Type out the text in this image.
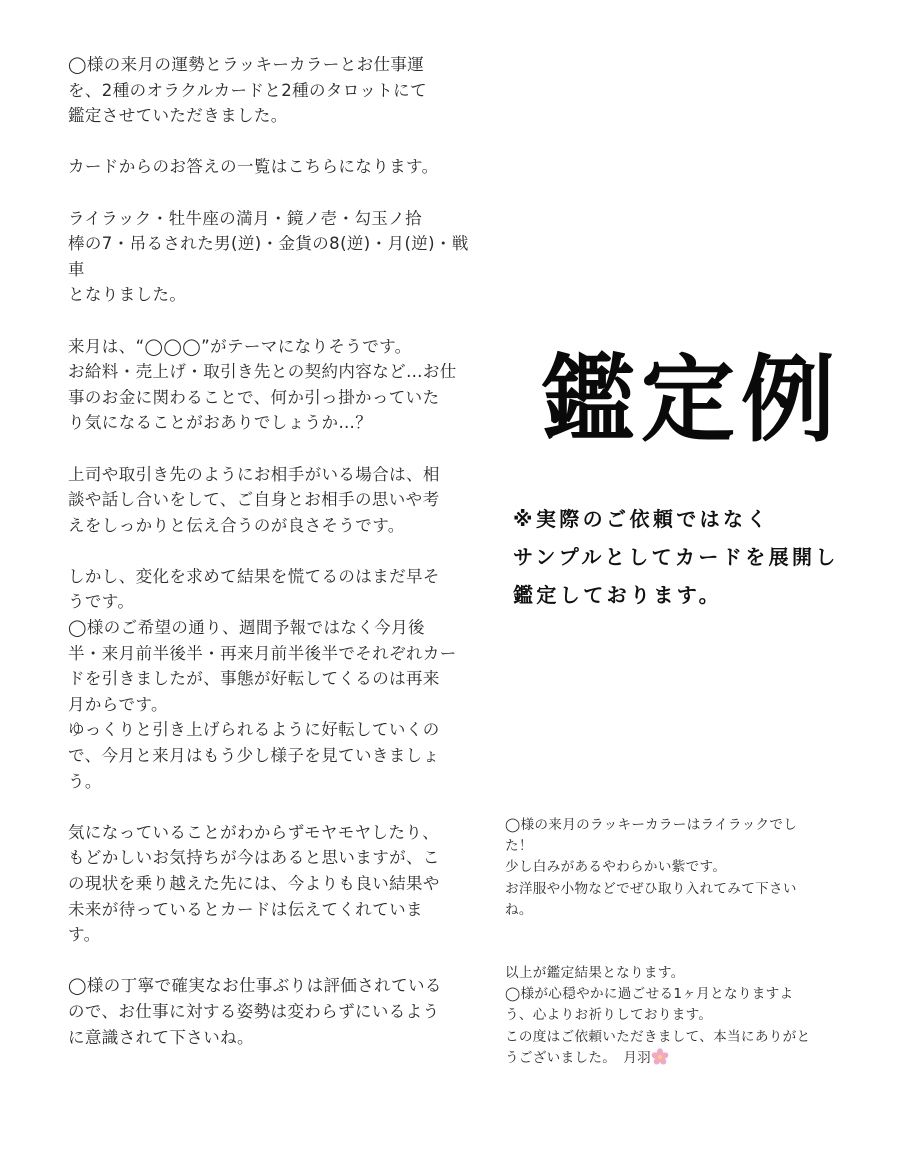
◯様の来月の運勢とラッキーカラーとお仕事運
を、2種のオラクルカードと2種のタロットにて
鑑定させていただきました。

カードからのお答えの一覧はこちらになります。

ライラック・牡牛座の満月・鏡ノ壱・勾玉ノ拾
棒の7・吊るされた男(逆)・金貨の8(逆)・月(逆)・戦
車
となりました。

来月は、“◯◯◯”がテーマになりそうです。
お給料・売上げ・取引き先との契約内容など…お仕
事のお金に関わることで、何か引っ掛かっていた
り気になることがおありでしょうか…？

上司や取引き先のようにお相手がいる場合は、相
談や話し合いをして、ご自身とお相手の思いや考
えをしっかりと伝え合うのが良さそうです。

しかし、変化を求めて結果を慌てるのはまだ早そ
うです。
◯様のご希望の通り、週間予報ではなく今月後
半・来月前半後半・再来月前半後半でそれぞれカー
ドを引きましたが、事態が好転してくるのは再来
月からです。
ゆっくりと引き上げられるように好転していくの
で、今月と来月はもう少し様子を見ていきましょ
う。

気になっていることがわからずモヤモヤしたり、
もどかしいお気持ちが今はあると思いますが、こ
の現状を乗り越えた先には、今よりも良い結果や
未来が待っているとカードは伝えてくれていま
す。

◯様の丁寧で確実なお仕事ぶりは評価されている
ので、お仕事に対する姿勢は変わらずにいるよう
に意識されて下さいね。

鑑定例
※実際のご依頼ではなく
サンプルとしてカードを展開し
鑑定しております。

◯様の来月のラッキーカラーはライラックでし
た！
少し白みがあるやわらかい紫です。
お洋服や小物などでぜひ取り入れてみて下さい
ね。

以上が鑑定結果となります。
◯様が心穏やかに過ごせる1ヶ月となりますよ
う、心よりお祈りしております。
この度はご依頼いただきまして、本当にありがと
うございました。　月羽
